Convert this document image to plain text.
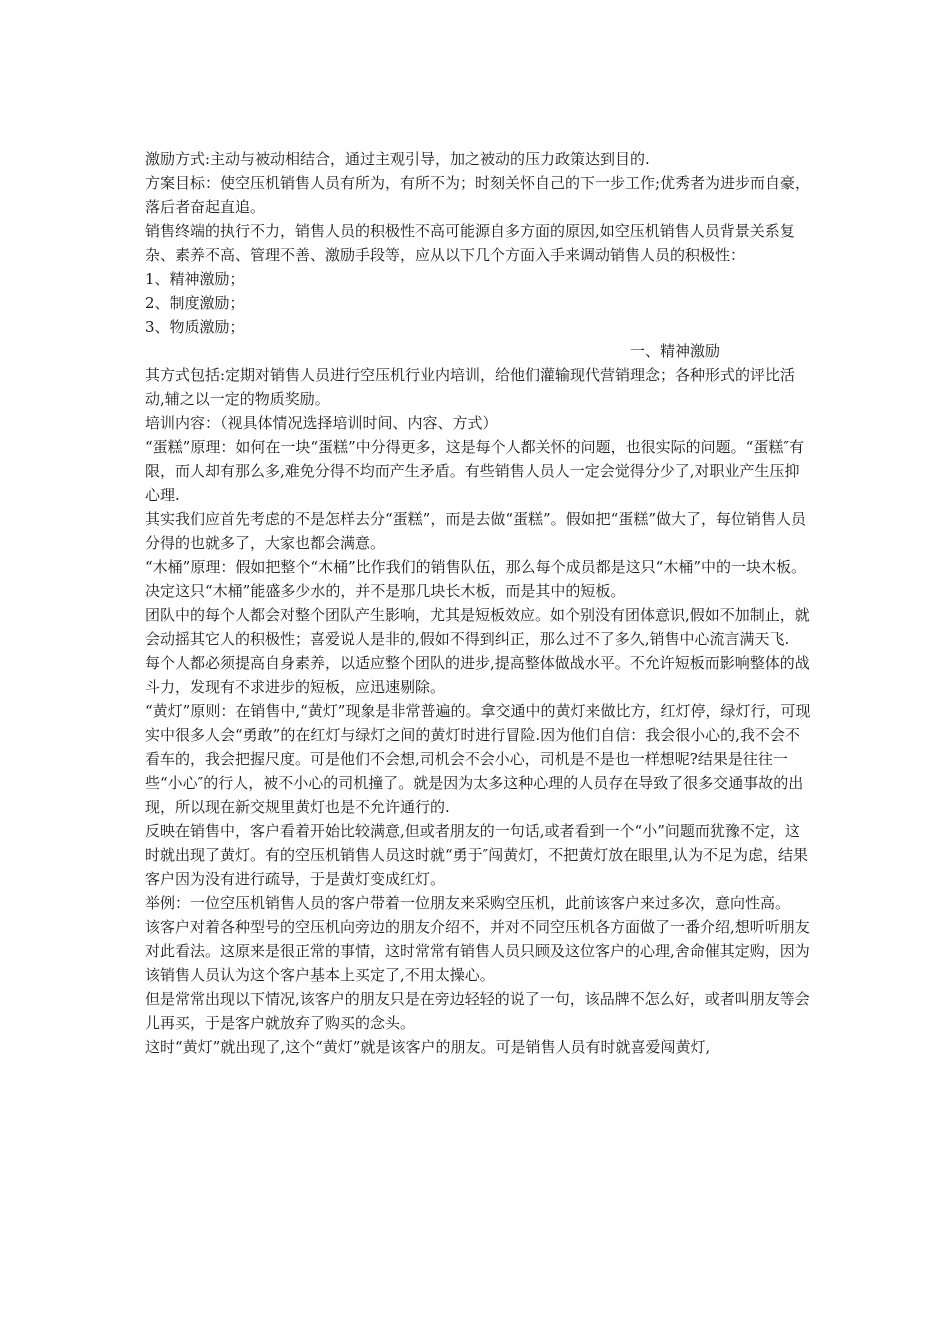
激励方式:主动与被动相结合，通过主观引导，加之被动的压力政策达到目的.

方案目标：使空压机销售人员有所为，有所不为；时刻关怀自己的下一步工作;优秀者为进步而自豪，落后者奋起直追。

销售终端的执行不力，销售人员的积极性不高可能源自多方面的原因,如空压机销售人员背景关系复杂、素养不高、管理不善、激励手段等，应从以下几个方面入手来调动销售人员的积极性：

1、精神激励；

2、制度激励；

3、物质激励；

一、精神激励

其方式包括:定期对销售人员进行空压机行业内培训，给他们灌输现代营销理念；各种形式的评比活动,辅之以一定的物质奖励。

培训内容：（视具体情况选择培训时间、内容、方式）

“蛋糕”原理：如何在一块“蛋糕”中分得更多，这是每个人都关怀的问题，也很实际的问题。“蛋糕″有限，而人却有那么多,难免分得不均而产生矛盾。有些销售人员人一定会觉得分少了,对职业产生压抑心理.

其实我们应首先考虑的不是怎样去分“蛋糕”，而是去做“蛋糕”。假如把“蛋糕”做大了，每位销售人员分得的也就多了，大家也都会满意。

“木桶”原理：假如把整个“木桶”比作我们的销售队伍，那么每个成员都是这只“木桶”中的一块木板。决定这只“木桶”能盛多少水的，并不是那几块长木板，而是其中的短板。

团队中的每个人都会对整个团队产生影响，尤其是短板效应。如个别没有团体意识,假如不加制止，就会动摇其它人的积极性；喜爱说人是非的,假如不得到纠正，那么过不了多久,销售中心流言满天飞.

每个人都必须提高自身素养，以适应整个团队的进步,提高整体做战水平。不允许短板而影响整体的战斗力，发现有不求进步的短板，应迅速剔除。

“黄灯”原则：在销售中,“黄灯”现象是非常普遍的。拿交通中的黄灯来做比方，红灯停，绿灯行，可现实中很多人会“勇敢”的在红灯与绿灯之间的黄灯时进行冒险.因为他们自信：我会很小心的,我不会不看车的，我会把握尺度。可是他们不会想,司机会不会小心，司机是不是也一样想呢?结果是往往一些“小心″的行人，被不小心的司机撞了。就是因为太多这种心理的人员存在导致了很多交通事故的出现，所以现在新交规里黄灯也是不允许通行的.

反映在销售中，客户看着开始比较满意,但或者朋友的一句话,或者看到一个“小”问题而犹豫不定，这时就出现了黄灯。有的空压机销售人员这时就“勇于″闯黄灯，不把黄灯放在眼里,认为不足为虑，结果客户因为没有进行疏导，于是黄灯变成红灯。

举例：一位空压机销售人员的客户带着一位朋友来采购空压机，此前该客户来过多次，意向性高。

该客户对着各种型号的空压机向旁边的朋友介绍不，并对不同空压机各方面做了一番介绍,想听听朋友对此看法。这原来是很正常的事情，这时常常有销售人员只顾及这位客户的心理,舍命催其定购，因为该销售人员认为这个客户基本上买定了,不用太操心。

但是常常出现以下情况,该客户的朋友只是在旁边轻轻的说了一句，该品牌不怎么好，或者叫朋友等会儿再买，于是客户就放弃了购买的念头。

这时“黄灯”就出现了,这个“黄灯”就是该客户的朋友。可是销售人员有时就喜爱闯黄灯,
